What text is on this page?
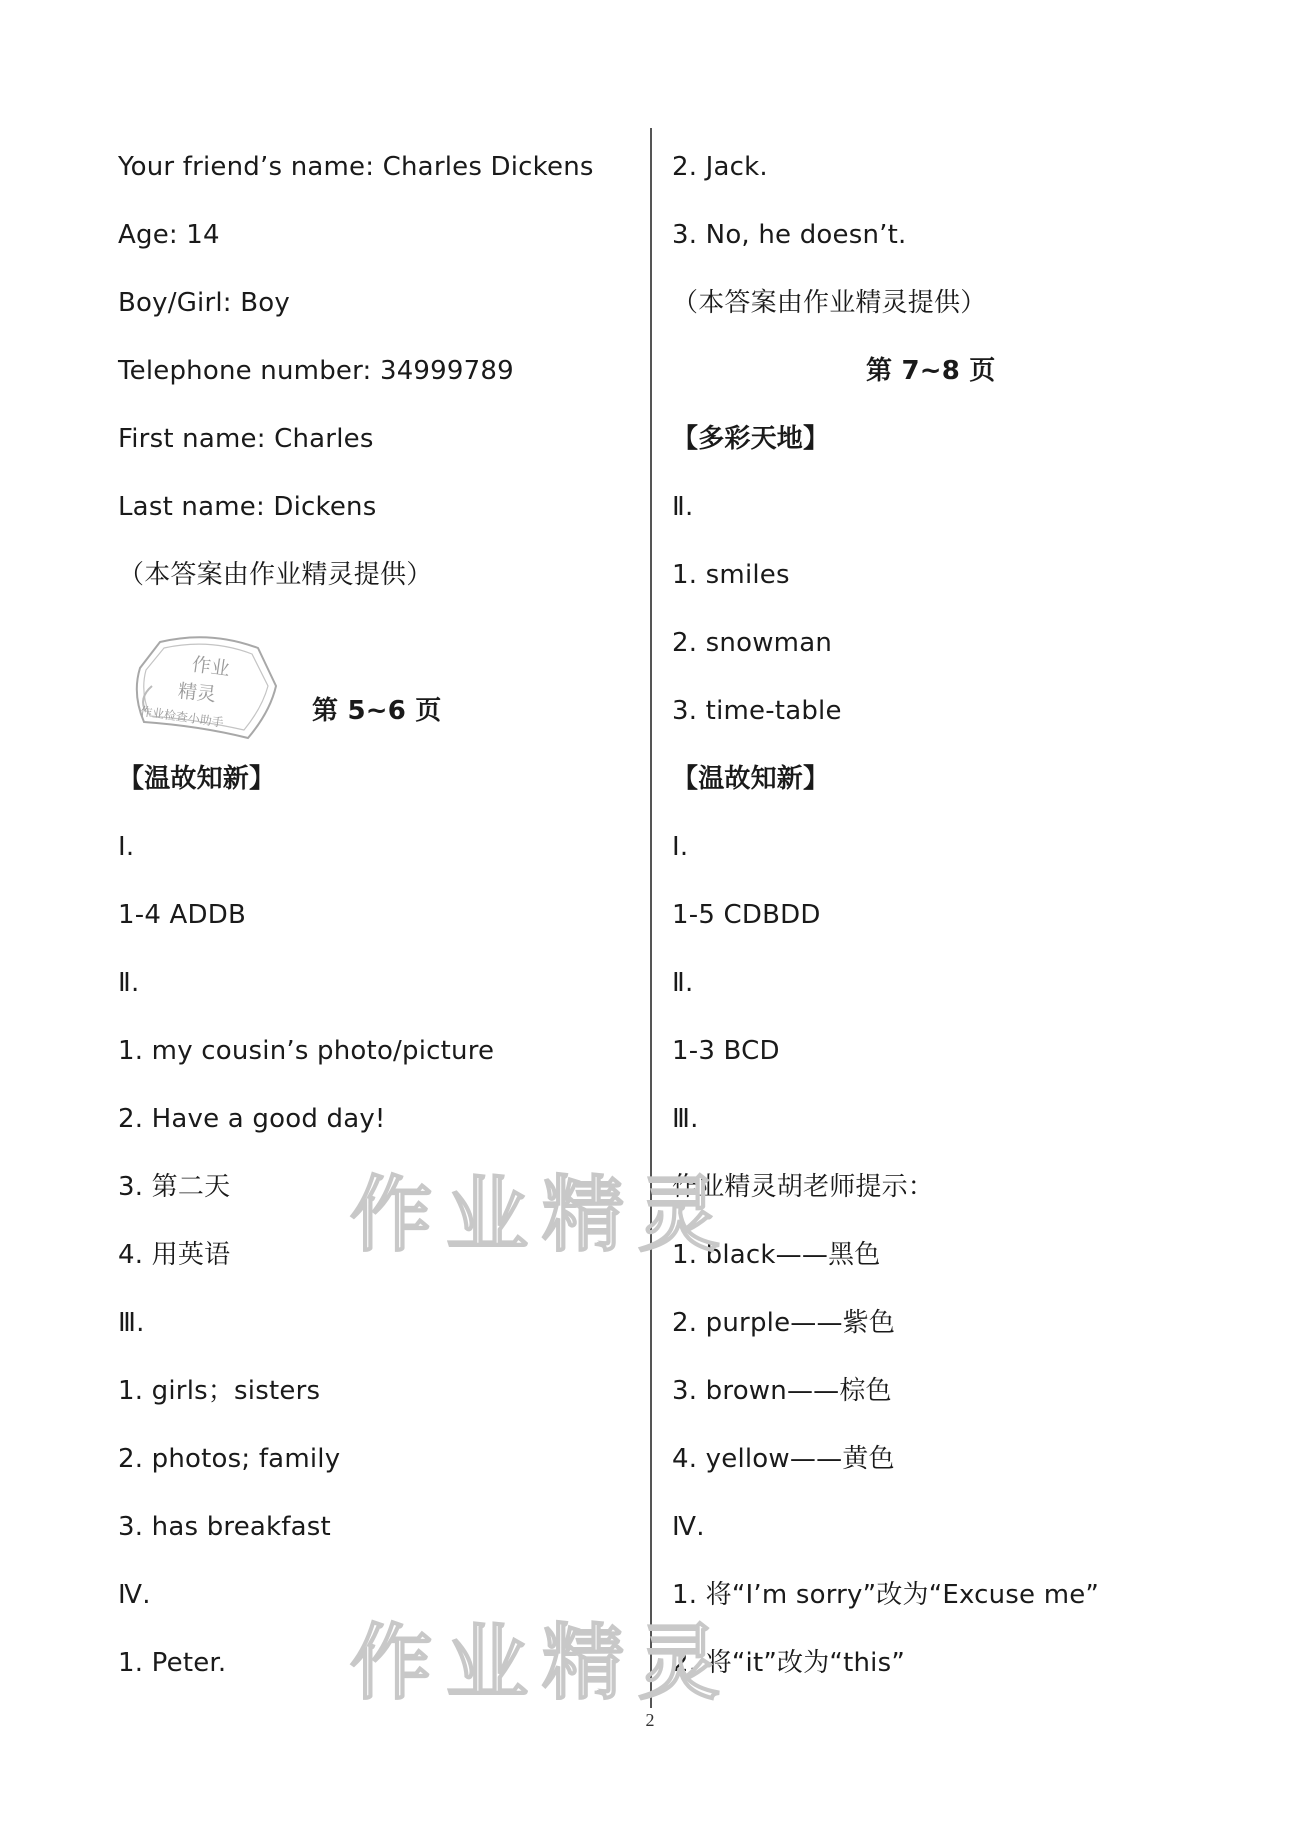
Your friend’s name: Charles Dickens
Age: 14
Boy/Girl: Boy
Telephone number: 34999789
First name: Charles
Last name: Dickens
（本答案由作业精灵提供）
作业
精灵
作业检查小助手	第 5~6 页
【温故知新】
Ⅰ.
1-4 ADDB
Ⅱ.
1. my cousin’s photo/picture
2. Have a good day!
3. 第二天
4. 用英语
Ⅲ.
1. girls；sisters
2. photos; family
3. has breakfast
Ⅳ.
1. Peter.
2. Jack.
3. No, he doesn’t.
（本答案由作业精灵提供）
第 7~8 页
【多彩天地】
Ⅱ.
1. smiles
2. snowman
3. time-table
【温故知新】
Ⅰ.
1-5 CDBDD
Ⅱ.
1-3 BCD
Ⅲ.
作业精灵胡老师提示：
1. black——黑色
2. purple——紫色
3. brown——棕色
4. yellow——黄色
Ⅳ.
1. 将“I’m sorry”改为“Excuse me”
2. 将“it”改为“this”
作业精灵
作业精灵
2
